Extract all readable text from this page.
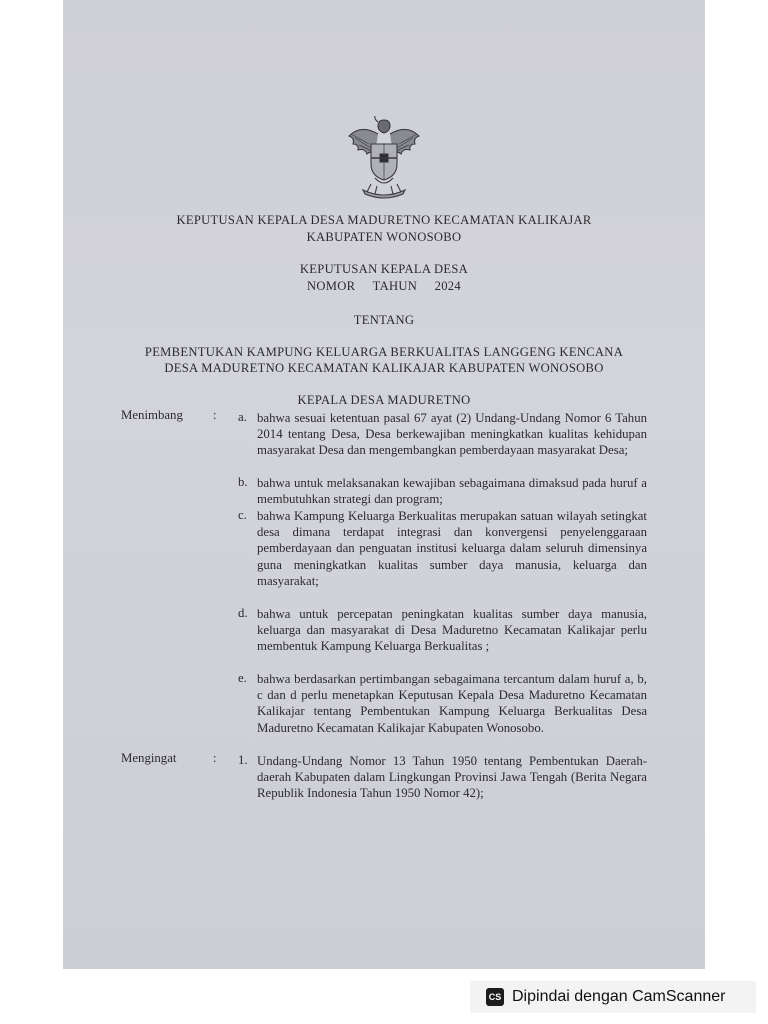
KEPUTUSAN KEPALA DESA MADURETNO KECAMATAN KALIKAJAR
KABUPATEN WONOSOBO
KEPUTUSAN KEPALA DESA
NOMOR TAHUN 2024
TENTANG
PEMBENTUKAN KAMPUNG KELUARGA BERKUALITAS LANGGENG KENCANA
DESA MADURETNO KECAMATAN KALIKAJAR KABUPATEN WONOSOBO
KEPALA DESA MADURETNO
Menimbang : a. bahwa sesuai ketentuan pasal 67 ayat (2) Undang-Undang Nomor 6 Tahun 2014 tentang Desa, Desa berkewajiban meningkatkan kualitas kehidupan masyarakat Desa dan mengembangkan pemberdayaan masyarakat Desa;
b. bahwa untuk melaksanakan kewajiban sebagaimana dimaksud pada huruf a membutuhkan strategi dan program;
c. bahwa Kampung Keluarga Berkualitas merupakan satuan wilayah setingkat desa dimana terdapat integrasi dan konvergensi penyelenggaraan pemberdayaan dan penguatan institusi keluarga dalam seluruh dimensinya guna meningkatkan kualitas sumber daya manusia, keluarga dan masyarakat;
d. bahwa untuk percepatan peningkatan kualitas sumber daya manusia, keluarga dan masyarakat di Desa Maduretno Kecamatan Kalikajar perlu membentuk Kampung Keluarga Berkualitas ;
e. bahwa berdasarkan pertimbangan sebagaimana tercantum dalam huruf a, b, c dan d perlu menetapkan Keputusan Kepala Desa Maduretno Kecamatan Kalikajar tentang Pembentukan Kampung Keluarga Berkualitas Desa Maduretno Kecamatan Kalikajar Kabupaten Wonosobo.
Mengingat	: 1. Undang-Undang Nomor 13 Tahun 1950 tentang Pembentukan Daerah-daerah Kabupaten dalam Lingkungan Provinsi Jawa Tengah (Berita Negara Republik Indonesia Tahun 1950 Nomor 42);
CS Dipindai dengan CamScanner
